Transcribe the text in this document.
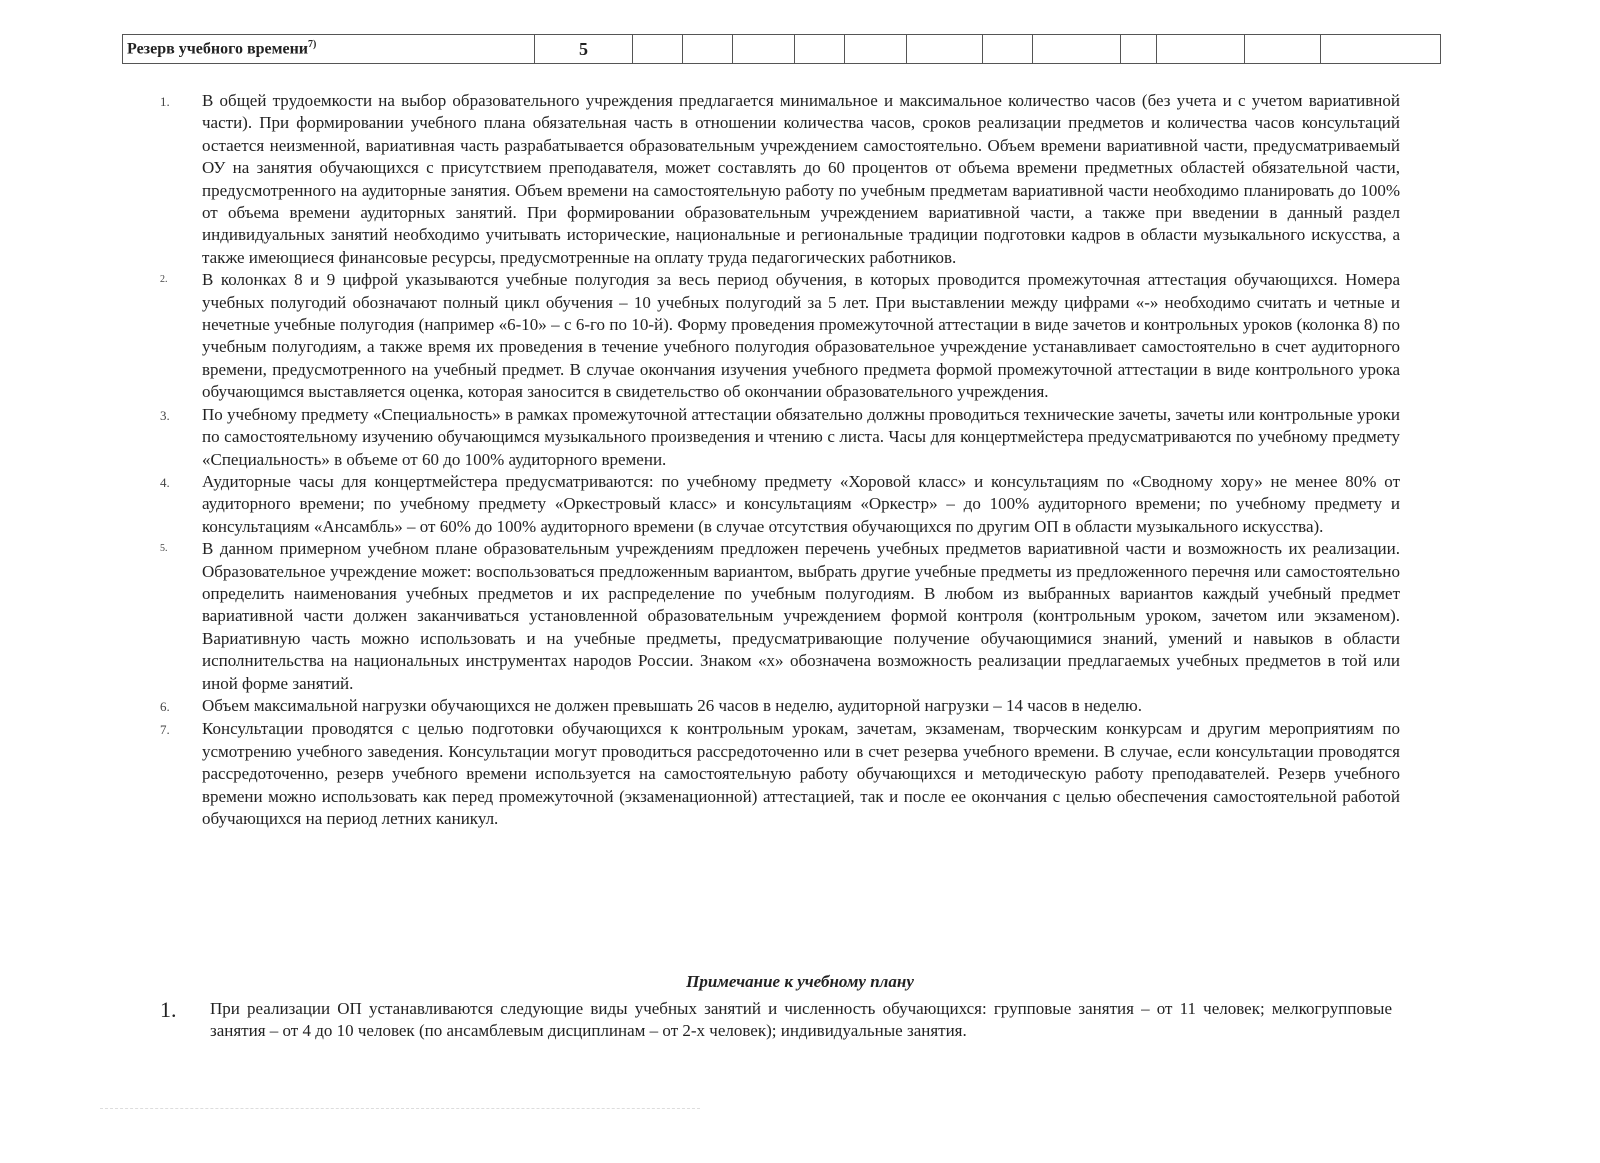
Резерв учебного времени$^{7)}$	5												
1.	В общей трудоемкости на выбор образовательного учреждения предлагается минимальное и максимальное количество часов (без учета и с учетом вариативной части). При формировании учебного плана обязательная часть в отношении количества часов, сроков реализации предметов и количества часов консультаций остается неизменной, вариативная часть разрабатывается образовательным учреждением самостоятельно. Объем времени вариативной части, предусматриваемый ОУ на занятия обучающихся с присутствием преподавателя, может составлять до 60 процентов от объема времени предметных областей обязательной части, предусмотренного на аудиторные занятия. Объем времени на самостоятельную работу по учебным предметам вариативной части необходимо планировать до 100% от объема времени аудиторных занятий. При формировании образовательным учреждением вариативной части, а также при введении в данный раздел индивидуальных занятий необходимо учитывать исторические, национальные и региональные традиции подготовки кадров в области музыкального искусства, а также имеющиеся финансовые ресурсы, предусмотренные на оплату труда педагогических работников.
2.	В колонках 8 и 9 цифрой указываются учебные полугодия за весь период обучения, в которых проводится промежуточная аттестация обучающихся. Номера учебных полугодий обозначают полный цикл обучения – 10 учебных полугодий за 5 лет. При выставлении между цифрами «-» необходимо считать и четные и нечетные учебные полугодия (например «6-10» – с 6-го по 10-й). Форму проведения промежуточной аттестации в виде зачетов и контрольных уроков (колонка 8) по учебным полугодиям, а также время их проведения в течение учебного полугодия образовательное учреждение устанавливает самостоятельно в счет аудиторного времени, предусмотренного на учебный предмет. В случае окончания изучения учебного предмета формой промежуточной аттестации в виде контрольного урока обучающимся выставляется оценка, которая заносится в свидетельство об окончании образовательного учреждения.
3.	По учебному предмету «Специальность» в рамках промежуточной аттестации обязательно должны проводиться технические зачеты, зачеты или контрольные уроки по самостоятельному изучению обучающимся музыкального произведения и чтению с листа. Часы для концертмейстера предусматриваются по учебному предмету «Специальность» в объеме от 60 до 100% аудиторного времени.
4.	Аудиторные часы для концертмейстера предусматриваются: по учебному предмету «Хоровой класс» и консультациям по «Сводному хору» не менее 80% от аудиторного времени; по учебному предмету «Оркестровый класс» и консультациям «Оркестр» – до 100% аудиторного времени; по учебному предмету и консультациям «Ансамбль» – от 60% до 100% аудиторного времени (в случае отсутствия обучающихся по другим ОП в области музыкального искусства).
5.	В данном примерном учебном плане образовательным учреждениям предложен перечень учебных предметов вариативной части и возможность их реализации. Образовательное учреждение может: воспользоваться предложенным вариантом, выбрать другие учебные предметы из предложенного перечня или самостоятельно определить наименования учебных предметов и их распределение по учебным полугодиям. В любом из выбранных вариантов каждый учебный предмет вариативной части должен заканчиваться установленной образовательным учреждением формой контроля (контрольным уроком, зачетом или экзаменом). Вариативную часть можно использовать и на учебные предметы, предусматривающие получение обучающимися знаний, умений и навыков в области исполнительства на национальных инструментах народов России. Знаком «х» обозначена возможность реализации предлагаемых учебных предметов в той или иной форме занятий.
6.	Объем максимальной нагрузки обучающихся не должен превышать 26 часов в неделю, аудиторной нагрузки – 14 часов в неделю.
7.	Консультации проводятся с целью подготовки обучающихся к контрольным урокам, зачетам, экзаменам, творческим конкурсам и другим мероприятиям по усмотрению учебного заведения. Консультации могут проводиться рассредоточенно или в счет резерва учебного времени. В случае, если консультации проводятся рассредоточенно, резерв учебного времени используется на самостоятельную работу обучающихся и методическую работу преподавателей. Резерв учебного времени можно использовать как перед промежуточной (экзаменационной) аттестацией, так и после ее окончания с целью обеспечения самостоятельной работой обучающихся на период летних каникул.
Примечание к учебному плану
1.	При реализации ОП устанавливаются следующие виды учебных занятий и численность обучающихся: групповые занятия – от 11 человек; мелкогрупповые занятия – от 4 до 10 человек (по ансамблевым дисциплинам – от 2-х человек); индивидуальные занятия.
